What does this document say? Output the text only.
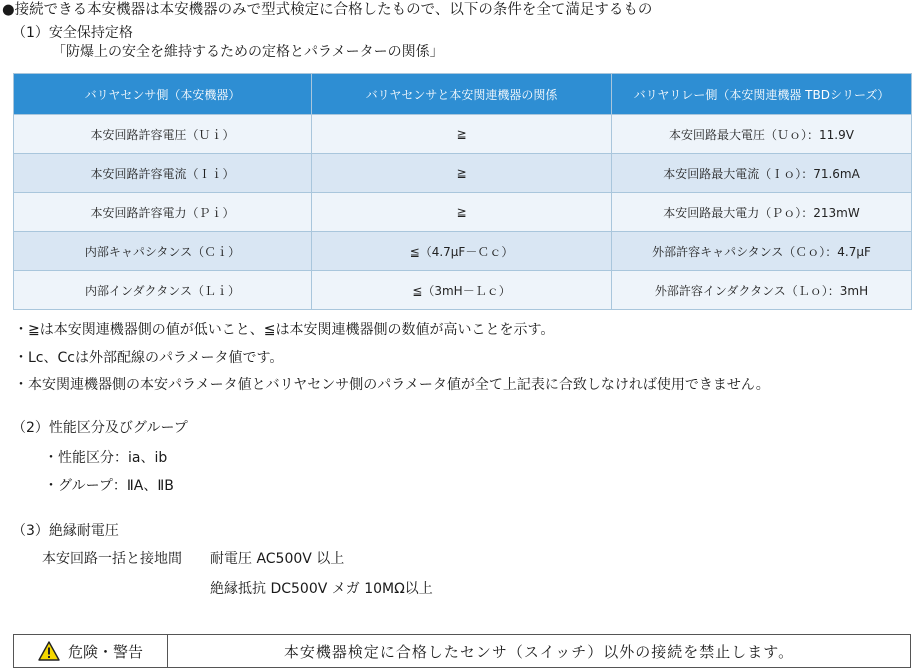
●接続できる本安機器は本安機器のみで型式検定に合格したもので、以下の条件を全て満足するもの
（1）安全保持定格
「防爆上の安全を維持するための定格とパラメーターの関係」
バリヤセンサ側（本安機器）	バリヤセンサと本安関連機器の関係	バリヤリレー側（本安関連機器 TBDシリーズ）
本安回路許容電圧（Ｕｉ）	≧	本安回路最大電圧（Ｕｏ）：11.9V
本安回路許容電流（Ｉｉ）	≧	本安回路最大電流（Ｉｏ）：71.6mA
本安回路許容電力（Ｐｉ）	≧	本安回路最大電力（Ｐｏ）：213mW
内部キャパシタンス（Ｃｉ）	≦（4.7μF－Ｃｃ）	外部許容キャパシタンス（Ｃｏ）：4.7μF
内部インダクタンス（Ｌｉ）	≦（3mH－Ｌｃ）	外部許容インダクタンス（Ｌｏ）：3mH
・≧は本安関連機器側の値が低いこと、≦は本安関連機器側の数値が高いことを示す。
・Lc、Ccは外部配線のパラメータ値です。
・本安関連機器側の本安パラメータ値とバリヤセンサ側のパラメータ値が全て上記表に合致しなければ使用できません。
（2）性能区分及びグループ
・性能区分：ia、ib
・グループ：ⅡA、ⅡB
（3）絶縁耐電圧
本安回路一括と接地間 耐電圧 AC500V 以上
絶縁抵抗 DC500V メガ 10MΩ以上
危険・警告	本安機器検定に合格したセンサ（スイッチ）以外の接続を禁止します。
